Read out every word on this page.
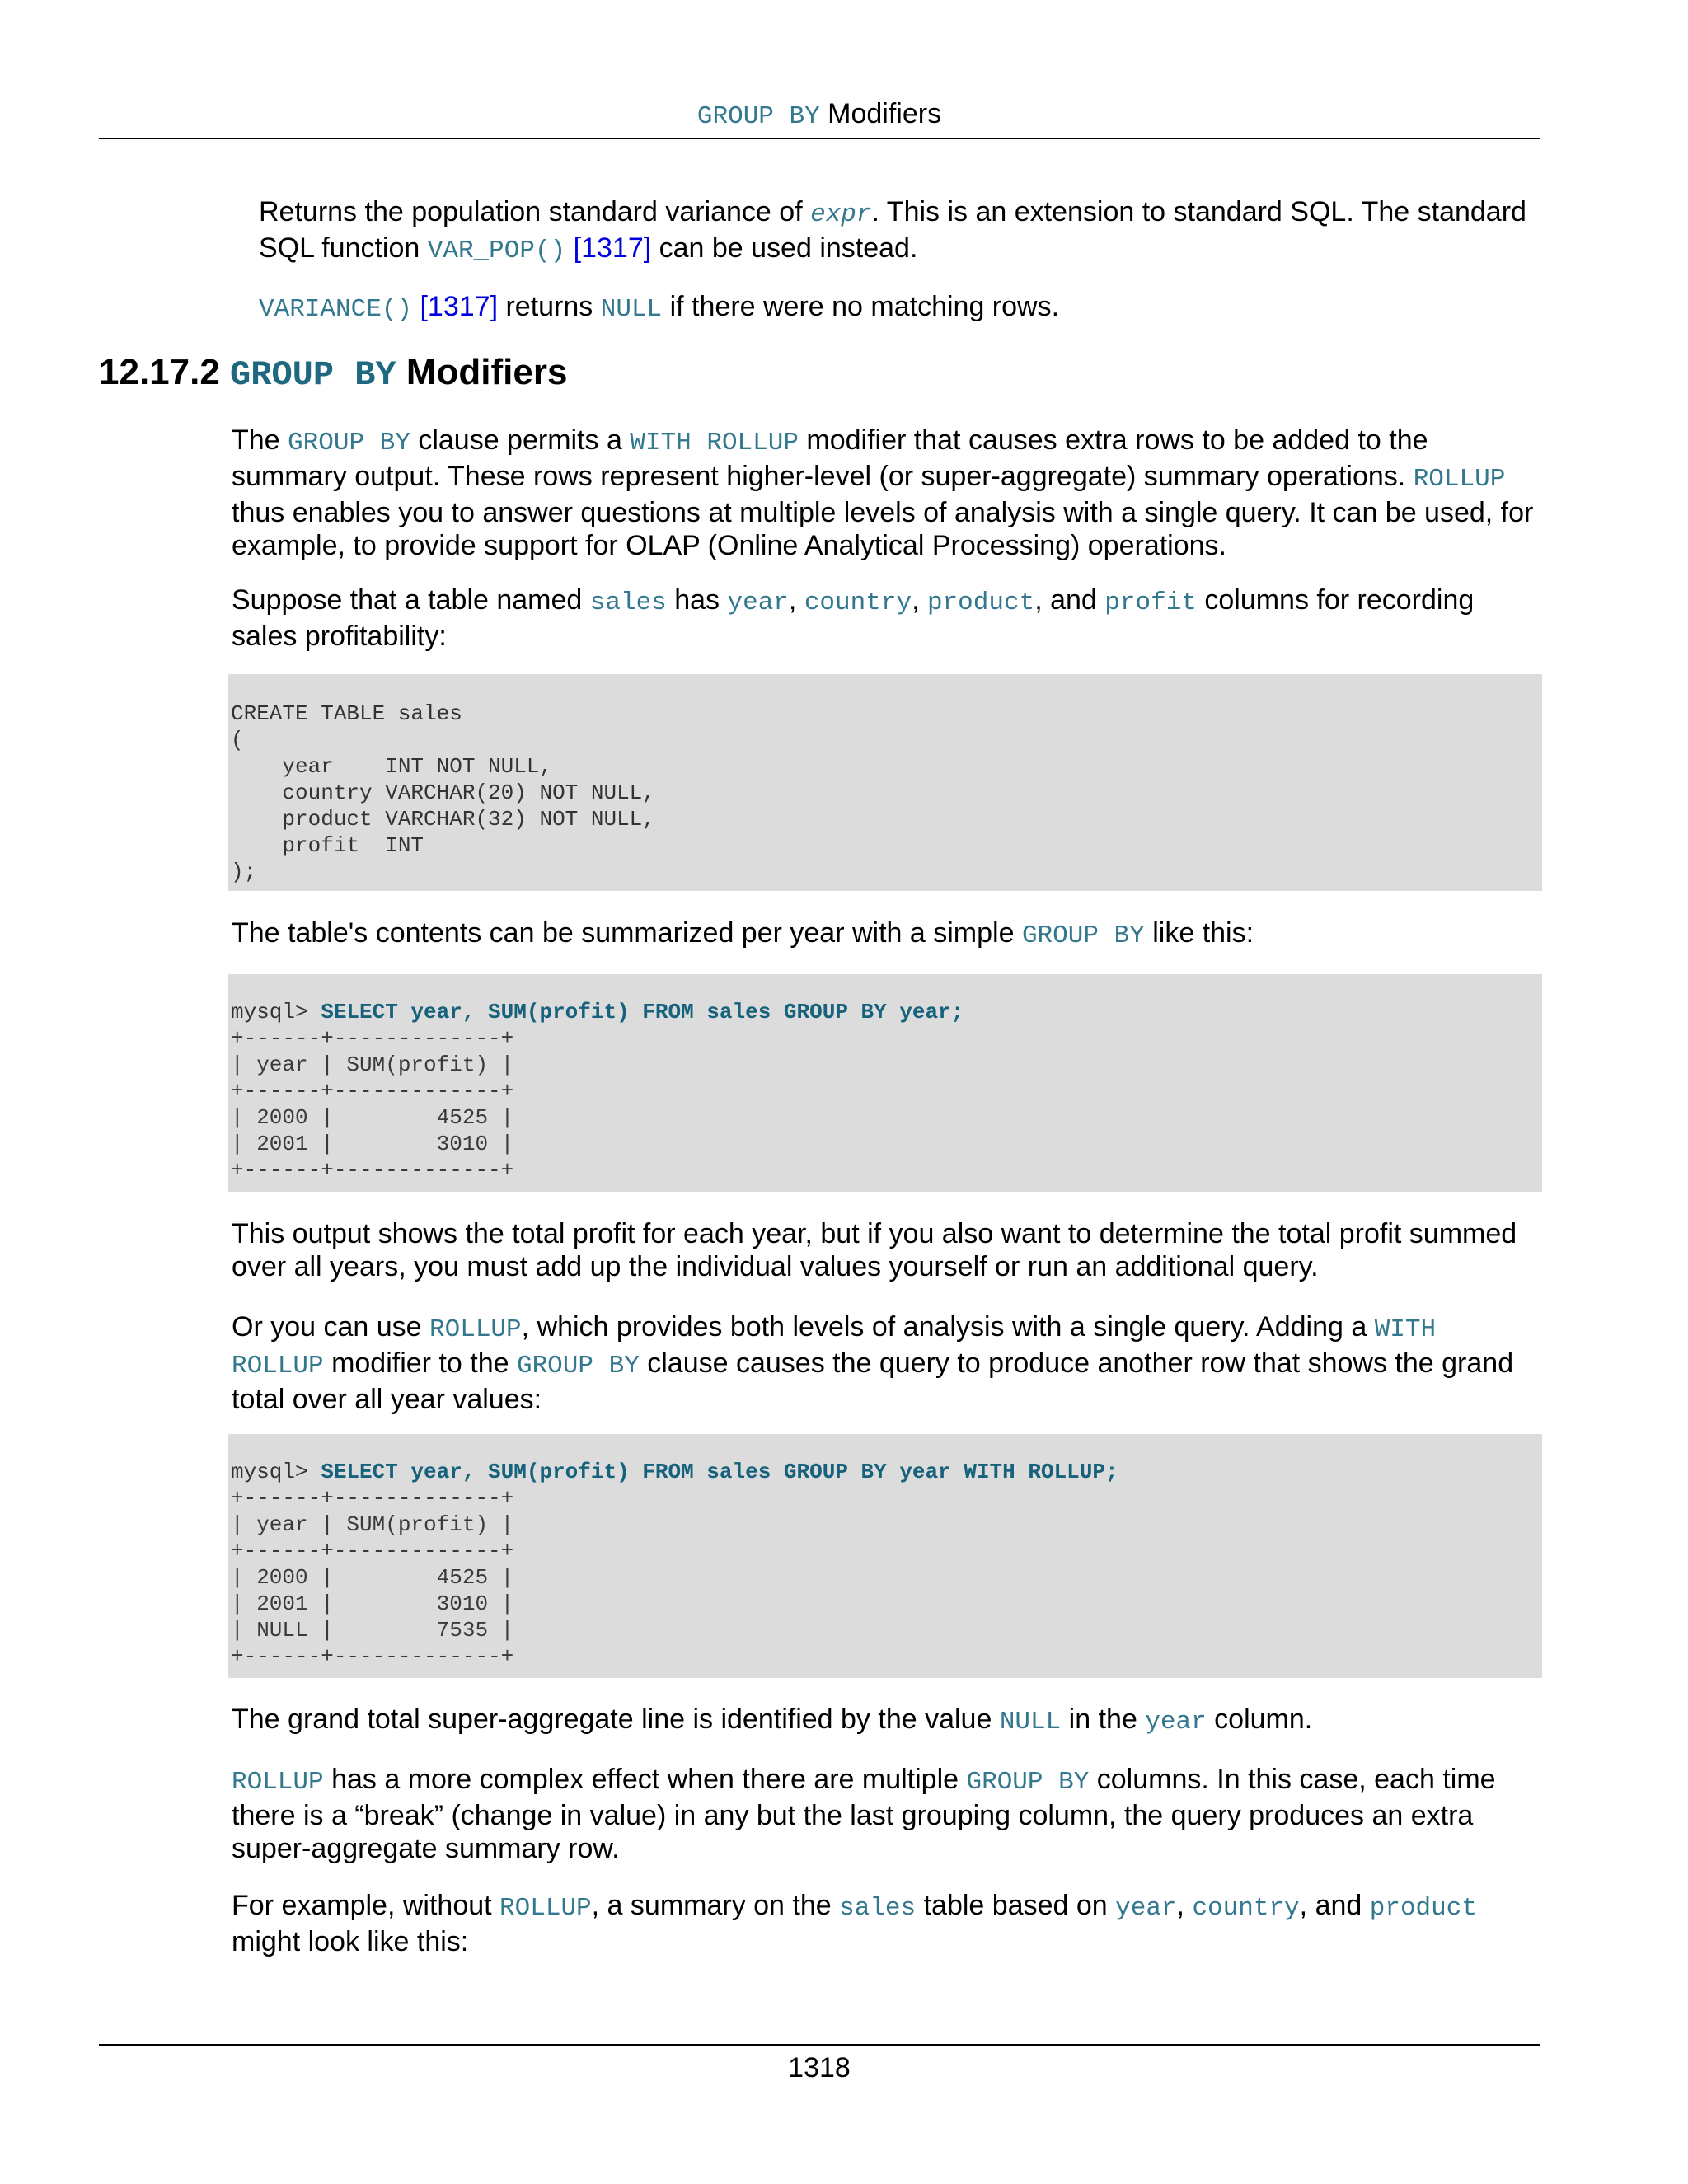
GROUP BY Modifiers

Returns the population standard variance of expr. This is an extension to standard SQL. The standard SQL function VAR_POP() [1317] can be used instead.

VARIANCE() [1317] returns NULL if there were no matching rows.

12.17.2 GROUP BY Modifiers

The GROUP BY clause permits a WITH ROLLUP modifier that causes extra rows to be added to the summary output. These rows represent higher-level (or super-aggregate) summary operations. ROLLUP thus enables you to answer questions at multiple levels of analysis with a single query. It can be used, for example, to provide support for OLAP (Online Analytical Processing) operations.

Suppose that a table named sales has year, country, product, and profit columns for recording sales profitability:

CREATE TABLE sales
(
year    INT NOT NULL,
country VARCHAR(20) NOT NULL,
product VARCHAR(32) NOT NULL,
profit  INT
);

The table's contents can be summarized per year with a simple GROUP BY like this:

mysql> SELECT year, SUM(profit) FROM sales GROUP BY year;
+------+-------------+
| year | SUM(profit) |
+------+-------------+
| 2000 |        4525 |
| 2001 |        3010 |
+------+-------------+

This output shows the total profit for each year, but if you also want to determine the total profit summed over all years, you must add up the individual values yourself or run an additional query.

Or you can use ROLLUP, which provides both levels of analysis with a single query. Adding a WITH ROLLUP modifier to the GROUP BY clause causes the query to produce another row that shows the grand total over all year values:

mysql> SELECT year, SUM(profit) FROM sales GROUP BY year WITH ROLLUP;
+------+-------------+
| year | SUM(profit) |
+------+-------------+
| 2000 |        4525 |
| 2001 |        3010 |
| NULL |        7535 |
+------+-------------+

The grand total super-aggregate line is identified by the value NULL in the year column.

ROLLUP has a more complex effect when there are multiple GROUP BY columns. In this case, each time there is a “break” (change in value) in any but the last grouping column, the query produces an extra super-aggregate summary row.

For example, without ROLLUP, a summary on the sales table based on year, country, and product might look like this:

1318
